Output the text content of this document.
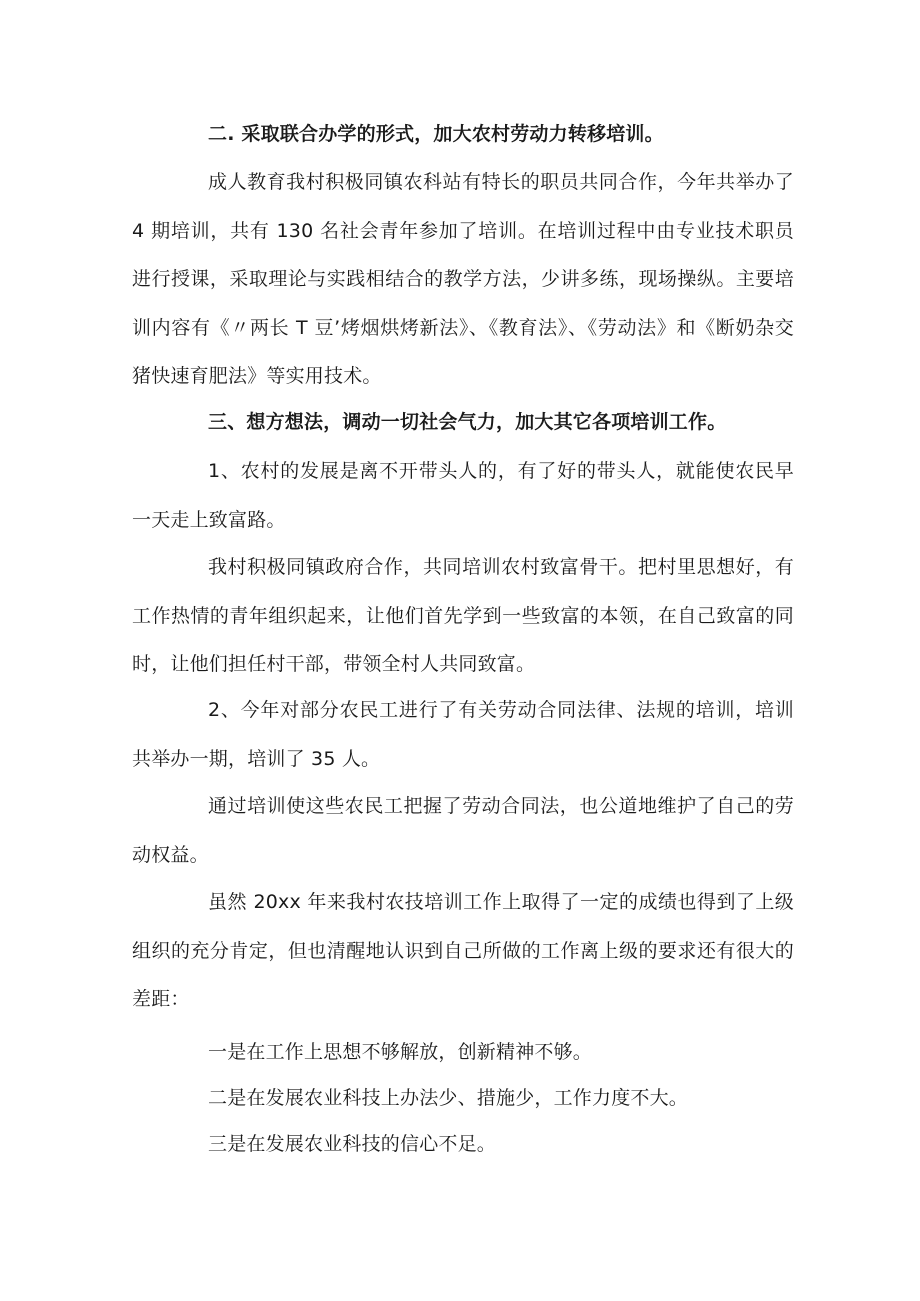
二. 采取联合办学的形式，加大农村劳动力转移培训。

成人教育我村积极同镇农科站有特长的职员共同合作，今年共举办了 4 期培训，共有 130 名社会青年参加了培训。在培训过程中由专业技术职员进行授课，采取理论与实践相结合的教学方法，少讲多练，现场操纵。主要培训内容有《〃两长 T 豆’烤烟烘烤新法》、《教育法》、《劳动法》和《断奶杂交猪快速育肥法》等实用技术。

三、想方想法，调动一切社会气力，加大其它各项培训工作。

1、农村的发展是离不开带头人的，有了好的带头人，就能使农民早一天走上致富路。

我村积极同镇政府合作，共同培训农村致富骨干。把村里思想好，有工作热情的青年组织起来，让他们首先学到一些致富的本领，在自己致富的同时，让他们担任村干部，带领全村人共同致富。

2、今年对部分农民工进行了有关劳动合同法律、法规的培训，培训共举办一期，培训了 35 人。

通过培训使这些农民工把握了劳动合同法，也公道地维护了自己的劳动权益。

虽然 20xx 年来我村农技培训工作上取得了一定的成绩也得到了上级组织的充分肯定，但也清醒地认识到自己所做的工作离上级的要求还有很大的差距：

一是在工作上思想不够解放，创新精神不够。

二是在发展农业科技上办法少、措施少，工作力度不大。

三是在发展农业科技的信心不足。
